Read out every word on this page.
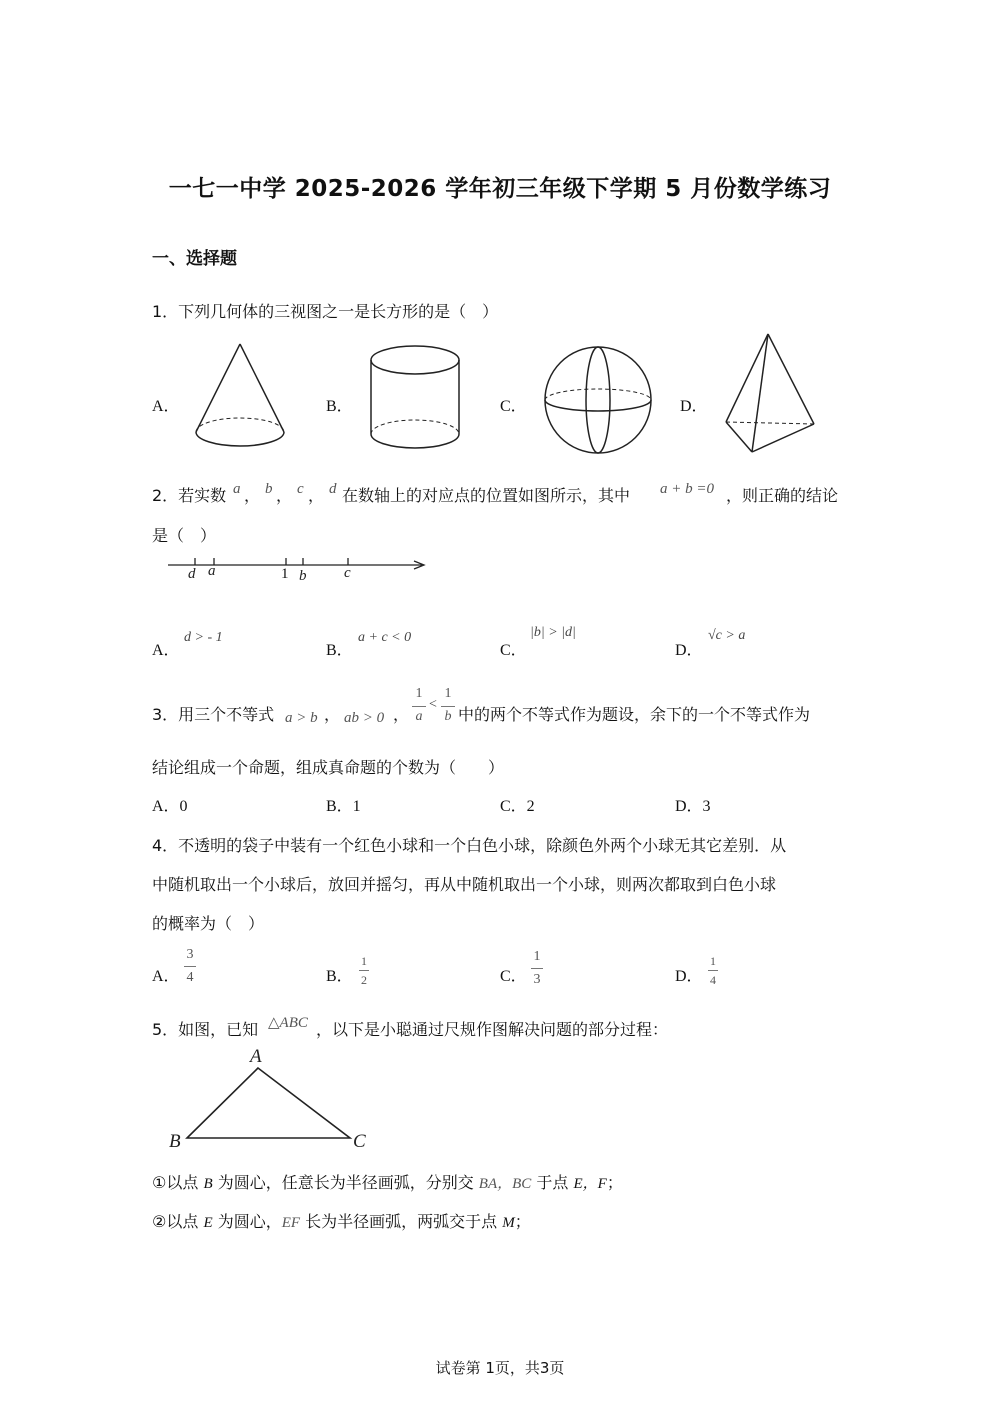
一七一中学 2025-2026 学年初三年级下学期 5 月份数学练习
一、选择题
1．下列几何体的三视图之一是长方形的是（　）
A．	B．	C．	D．
2．若实数 a ， b ， c ， d 在数轴上的对应点的位置如图所示，其中 a + b =0 ，则正确的结论
是（　）
d a	1 b	c
A．
d > - 1
B．
a + c < 0
C．
|b| > |d|
D．
√c > a
3．用三个不等式 a > b ， ab > 0 ，
1
a
<
1
b 中的两个不等式作为题设，余下的一个不等式作为
结论组成一个命题，组成真命题的个数为（　　）
A．0	B．1	C．2	D．3
4．不透明的袋子中装有一个红色小球和一个白色小球，除颜色外两个小球无其它差别．从
中随机取出一个小球后，放回并摇匀，再从中随机取出一个小球，则两次都取到白色小球
的概率为（　）
A．
3
4	B．
1
2	C．
1
3	D．
1
4
5．如图，已知 △ABC ，以下是小聪通过尺规作图解决问题的部分过程：
A
B	C
①以点 B 为圆心，任意长为半径画弧，分别交 BA，BC 于点 E，F；
②以点 E 为圆心，EF 长为半径画弧，两弧交于点 M；
试卷第 1页，共3页
